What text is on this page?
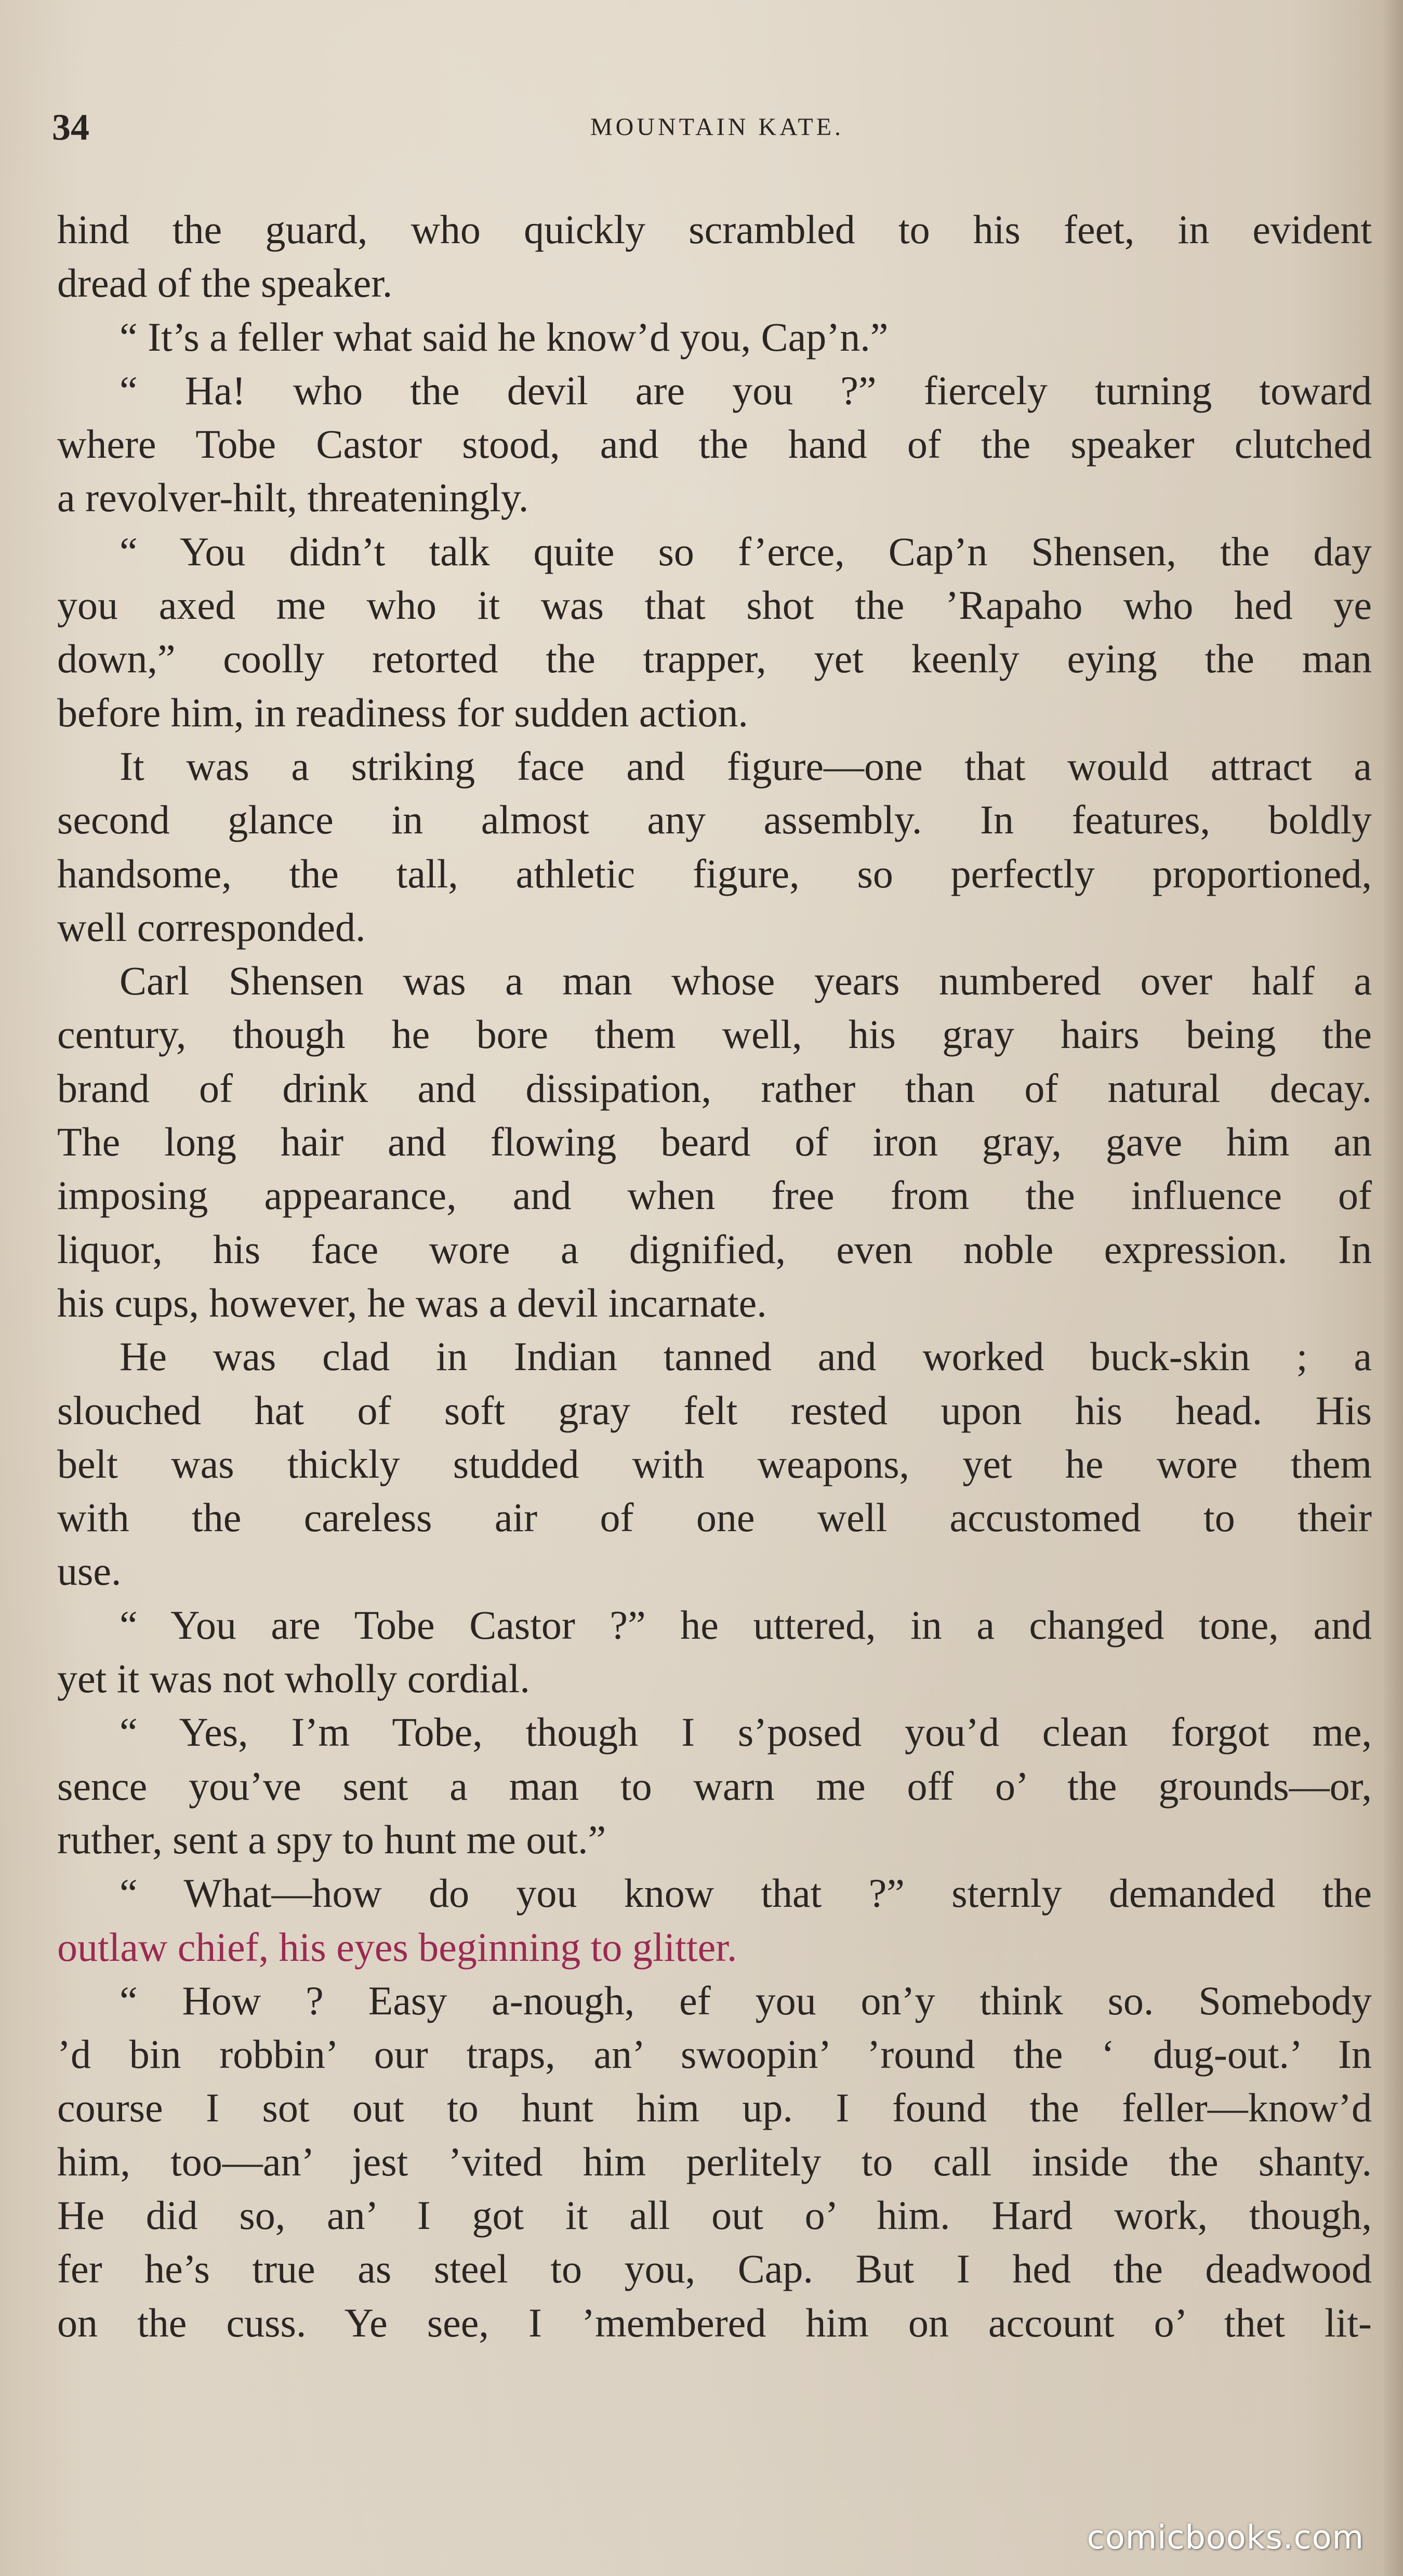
34	MOUNTAIN KATE.
hind the guard, who quickly scrambled to his feet, in evident
dread of the speaker.
“ It’s a feller what said he know’d you, Cap’n.”
“ Ha! who the devil are you ?” fiercely turning toward
where Tobe Castor stood, and the hand of the speaker clutched
a revolver-hilt, threateningly.
“ You didn’t talk quite so f’erce, Cap’n Shensen, the day
you axed me who it was that shot the ’Rapaho who hed ye
down,” coolly retorted the trapper, yet keenly eying the man
before him, in readiness for sudden action.
It was a striking face and figure—one that would attract a
second glance in almost any assembly. In features, boldly
handsome, the tall, athletic figure, so perfectly proportioned,
well corresponded.
Carl Shensen was a man whose years numbered over half a
century, though he bore them well, his gray hairs being the
brand of drink and dissipation, rather than of natural decay.
The long hair and flowing beard of iron gray, gave him an
imposing appearance, and when free from the influence of
liquor, his face wore a dignified, even noble expression. In
his cups, however, he was a devil incarnate.
He was clad in Indian tanned and worked buck-skin ; a
slouched hat of soft gray felt rested upon his head. His
belt was thickly studded with weapons, yet he wore them
with the careless air of one well accustomed to their
use.
“ You are Tobe Castor ?” he uttered, in a changed tone, and
yet it was not wholly cordial.
“ Yes, I’m Tobe, though I s’posed you’d clean forgot me,
sence you’ve sent a man to warn me off o’ the grounds—or,
ruther, sent a spy to hunt me out.”
“ What—how do you know that ?” sternly demanded the
outlaw chief, his eyes beginning to glitter.
“ How ? Easy a-nough, ef you on’y think so. Somebody
’d bin robbin’ our traps, an’ swoopin’ ’round the ‘ dug-out.’ In
course I sot out to hunt him up. I found the feller—know’d
him, too—an’ jest ’vited him perlitely to call inside the shanty.
He did so, an’ I got it all out o’ him. Hard work, though,
fer he’s true as steel to you, Cap. But I hed the deadwood
on the cuss. Ye see, I ’membered him on account o’ thet lit-
comicbooks.com
